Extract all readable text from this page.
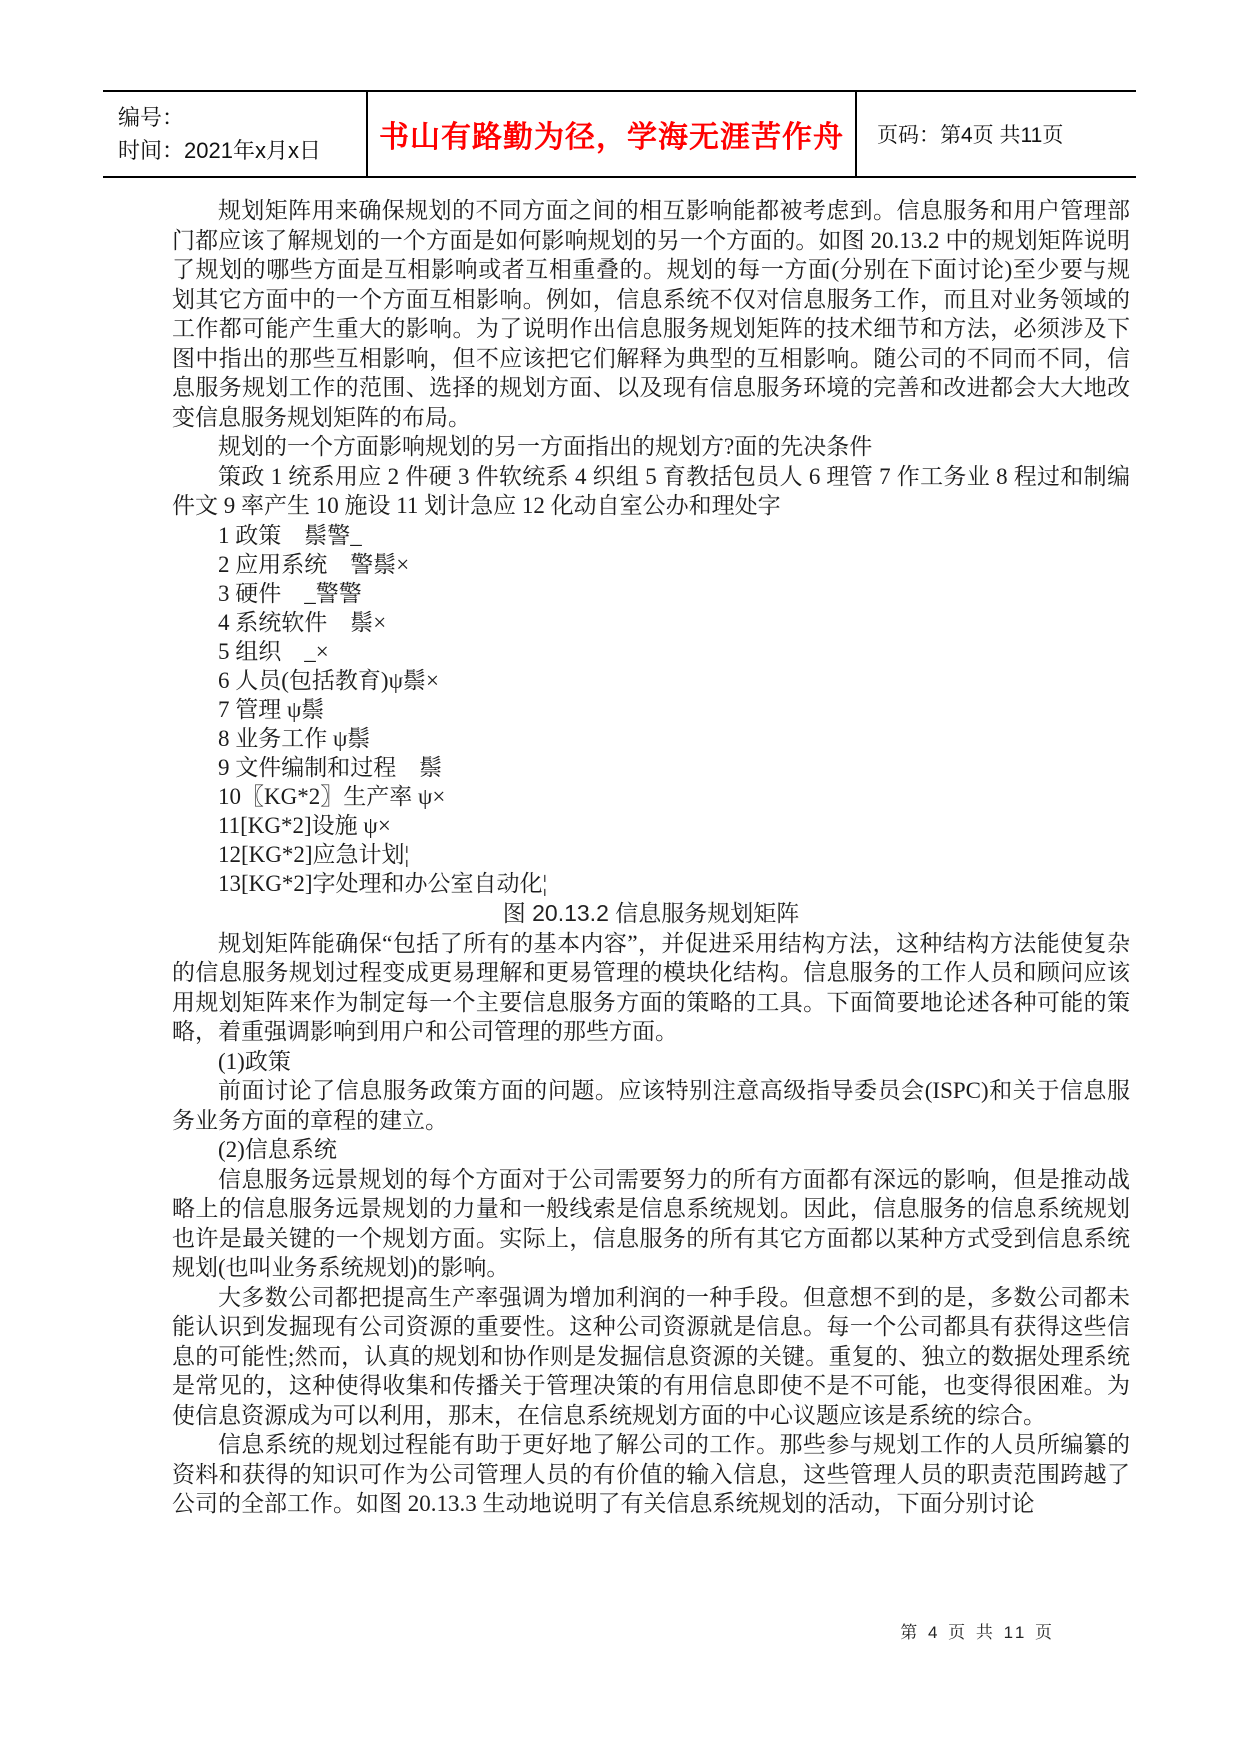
编号：
时间：2021年x月x日	书山有路勤为径，学海无涯苦作舟 页码：第4页 共11页

规划矩阵用来确保规划的不同方面之间的相互影响能都被考虑到。信息服务和用户管理部门都应该了解规划的一个方面是如何影响规划的另一个方面的。如图 20.13.2 中的规划矩阵说明了规划的哪些方面是互相影响或者互相重叠的。规划的每一方面(分别在下面讨论)至少要与规划其它方面中的一个方面互相影响。例如，信息系统不仅对信息服务工作，而且对业务领域的工作都可能产生重大的影响。为了说明作出信息服务规划矩阵的技术细节和方法，必须涉及下图中指出的那些互相影响，但不应该把它们解释为典型的互相影响。随公司的不同而不同，信息服务规划工作的范围、选择的规划方面、以及现有信息服务环境的完善和改进都会大大地改变信息服务规划矩阵的布局。

规划的一个方面影响规划的另一方面指出的规划方?面的先决条件

策政 1 统系用应 2 件硬 3 件软统系 4 织组 5 育教括包员人 6 理管 7 作工务业 8 程过和制编件文 9 率产生 10 施设 11 划计急应 12 化动自室公办和理处字

1 政策　鬃警_

2 应用系统　警鬃×

3 硬件　_警警

4 系统软件　鬃×

5 组织　_×

6 人员(包括教育)ψ鬃×

7 管理 ψ鬃

8 业务工作 ψ鬃

9 文件编制和过程　鬃

10〖KG*2〗生产率 ψ×

11[KG*2]设施 ψ×

12[KG*2]应急计划¦

13[KG*2]字处理和办公室自动化¦

图 20.13.2 信息服务规划矩阵

规划矩阵能确保“包括了所有的基本内容”，并促进采用结构方法，这种结构方法能使复杂的信息服务规划过程变成更易理解和更易管理的模块化结构。信息服务的工作人员和顾问应该用规划矩阵来作为制定每一个主要信息服务方面的策略的工具。下面简要地论述各种可能的策略，着重强调影响到用户和公司管理的那些方面。

(1)政策

前面讨论了信息服务政策方面的问题。应该特别注意高级指导委员会(ISPC)和关于信息服务业务方面的章程的建立。

(2)信息系统

信息服务远景规划的每个方面对于公司需要努力的所有方面都有深远的影响，但是推动战略上的信息服务远景规划的力量和一般线索是信息系统规划。因此，信息服务的信息系统规划也许是最关键的一个规划方面。实际上，信息服务的所有其它方面都以某种方式受到信息系统规划(也叫业务系统规划)的影响。

大多数公司都把提高生产率强调为增加利润的一种手段。但意想不到的是，多数公司都未能认识到发掘现有公司资源的重要性。这种公司资源就是信息。每一个公司都具有获得这些信息的可能性;然而，认真的规划和协作则是发掘信息资源的关键。重复的、独立的数据处理系统是常见的，这种使得收集和传播关于管理决策的有用信息即使不是不可能，也变得很困难。为使信息资源成为可以利用，那末，在信息系统规划方面的中心议题应该是系统的综合。

信息系统的规划过程能有助于更好地了解公司的工作。那些参与规划工作的人员所编纂的资料和获得的知识可作为公司管理人员的有价值的输入信息，这些管理人员的职责范围跨越了公司的全部工作。如图 20.13.3 生动地说明了有关信息系统规划的活动，下面分别讨论

第 4 页 共 11 页
